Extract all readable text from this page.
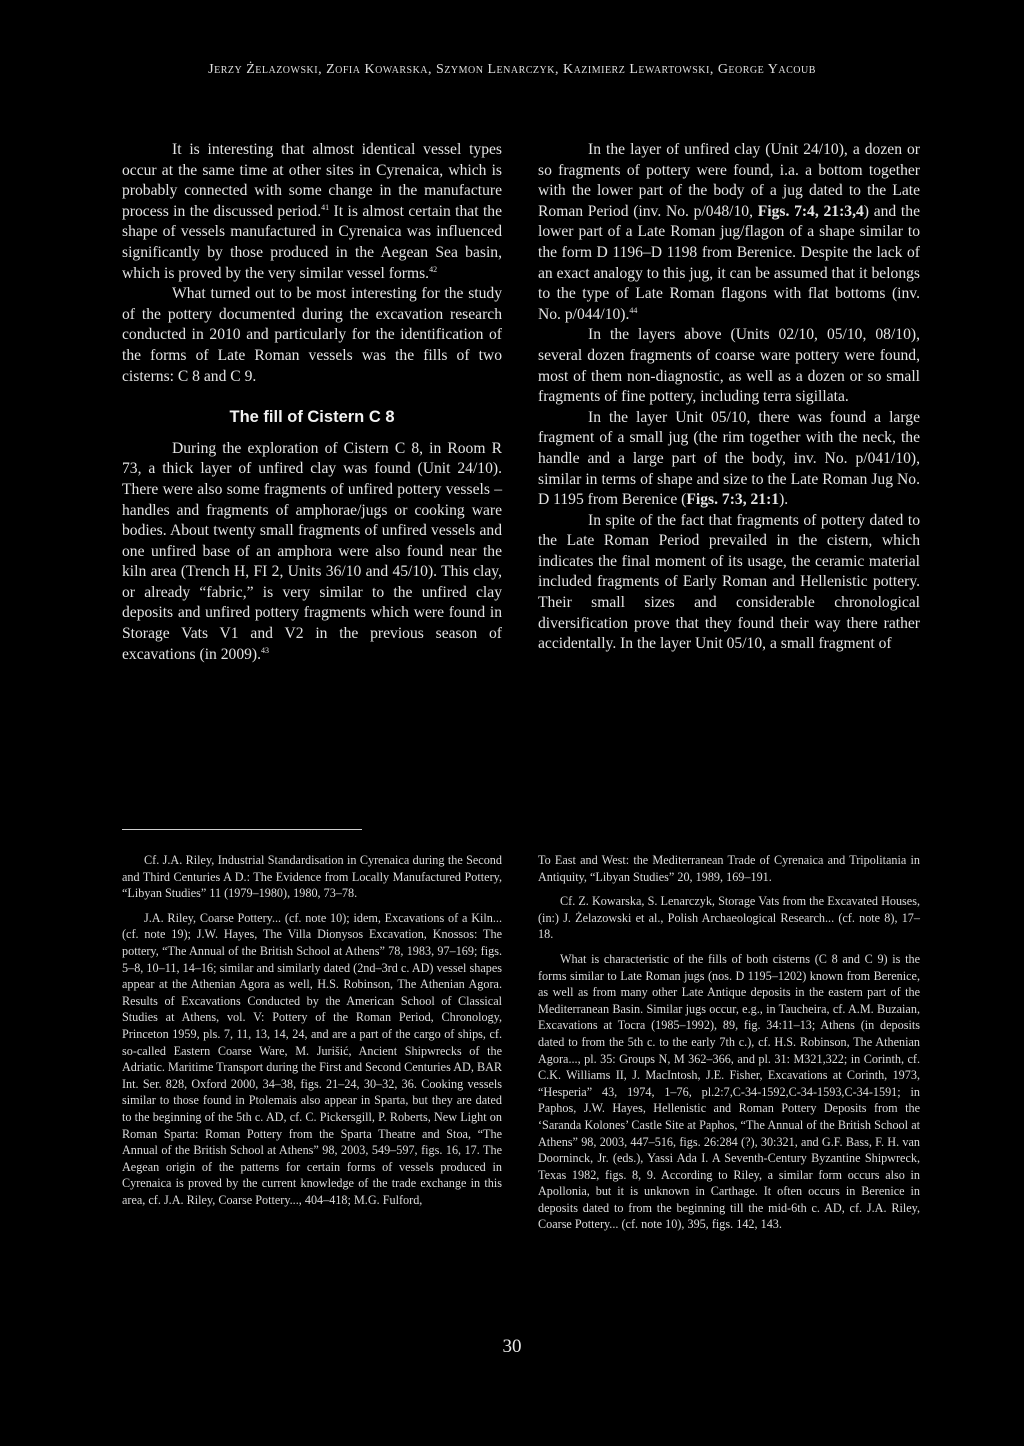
Jerzy Żelazowski, Zofia Kowarska, Szymon Lenarczyk, Kazimierz Lewartowski, George Yacoub

It is interesting that almost identical vessel types occur at the same time at other sites in Cyrenaica, which is probably connected with some change in the manufacture process in the discussed period.$^{41}$ It is almost certain that the shape of vessels manufactured in Cyrenaica was influenced significantly by those produced in the Aegean Sea basin, which is proved by the very similar vessel forms.$^{42}$

What turned out to be most interesting for the study of the pottery documented during the excavation research conducted in 2010 and particularly for the identification of the forms of Late Roman vessels was the fills of two cisterns: C 8 and C 9.

The fill of Cistern C 8

During the exploration of Cistern C 8, in Room R 73, a thick layer of unfired clay was found (Unit 24/10). There were also some fragments of unfired pottery vessels – handles and fragments of amphorae/jugs or cooking ware bodies. About twenty small fragments of unfired vessels and one unfired base of an amphora were also found near the kiln area (Trench H, FI 2, Units 36/10 and 45/10). This clay, or already “fabric,” is very similar to the unfired clay deposits and unfired pottery fragments which were found in Storage Vats V1 and V2 in the previous season of excavations (in 2009).$^{43}$

In the layer of unfired clay (Unit 24/10), a dozen or so fragments of pottery were found, i.a. a bottom together with the lower part of the body of a jug dated to the Late Roman Period (inv. No. p/048/10, Figs. 7:4, 21:3,4) and the lower part of a Late Roman jug/flagon of a shape similar to the form D 1196–D 1198 from Berenice. Despite the lack of an exact analogy to this jug, it can be assumed that it belongs to the type of Late Roman flagons with flat bottoms (inv. No. p/044/10).$^{44}$

In the layers above (Units 02/10, 05/10, 08/10), several dozen fragments of coarse ware pottery were found, most of them non-diagnostic, as well as a dozen or so small fragments of fine pottery, including terra sigillata.

In the layer Unit 05/10, there was found a large fragment of a small jug (the rim together with the neck, the handle and a large part of the body, inv. No. p/041/10), similar in terms of shape and size to the Late Roman Jug No. D 1195 from Berenice (Figs. 7:3, 21:1).

In spite of the fact that fragments of pottery dated to the Late Roman Period prevailed in the cistern, which indicates the final moment of its usage, the ceramic material included fragments of Early Roman and Hellenistic pottery. Their small sizes and considerable chronological diversification prove that they found their way there rather accidentally. In the layer Unit 05/10, a small fragment of

Cf. J.A. Riley, Industrial Standardisation in Cyrenaica during the Second and Third Centuries A D.: The Evidence from Locally Manufactured Pottery, “Libyan Studies” 11 (1979–1980), 1980, 73–78.

J.A. Riley, Coarse Pottery... (cf. note 10); idem, Excavations of a Kiln... (cf. note 19); J.W. Hayes, The Villa Dionysos Excavation, Knossos: The pottery, “The Annual of the British School at Athens” 78, 1983, 97–169; figs. 5–8, 10–11, 14–16; similar and similarly dated (2nd–3rd c. AD) vessel shapes appear at the Athenian Agora as well, H.S. Robinson, The Athenian Agora. Results of Excavations Conducted by the American School of Classical Studies at Athens, vol. V: Pottery of the Roman Period, Chronology, Princeton 1959, pls. 7, 11, 13, 14, 24, and are a part of the cargo of ships, cf. so-called Eastern Coarse Ware, M. Jurišić, Ancient Shipwrecks of the Adriatic. Maritime Transport during the First and Second Centuries AD, BAR Int. Ser. 828, Oxford 2000, 34–38, figs. 21–24, 30–32, 36. Cooking vessels similar to those found in Ptolemais also appear in Sparta, but they are dated to the beginning of the 5th c. AD, cf. C. Pickersgill, P. Roberts, New Light on Roman Sparta: Roman Pottery from the Sparta Theatre and Stoa, “The Annual of the British School at Athens” 98, 2003, 549–597, figs. 16, 17. The Aegean origin of the patterns for certain forms of vessels produced in Cyrenaica is proved by the current knowledge of the trade exchange in this area, cf. J.A. Riley, Coarse Pottery..., 404–418; M.G. Fulford,

To East and West: the Mediterranean Trade of Cyrenaica and Tripolitania in Antiquity, “Libyan Studies” 20, 1989, 169–191.

Cf. Z. Kowarska, S. Lenarczyk, Storage Vats from the Excavated Houses, (in:) J. Żelazowski et al., Polish Archaeological Research... (cf. note 8), 17–18.

What is characteristic of the fills of both cisterns (C 8 and C 9) is the forms similar to Late Roman jugs (nos. D 1195–1202) known from Berenice, as well as from many other Late Antique deposits in the eastern part of the Mediterranean Basin. Similar jugs occur, e.g., in Taucheira, cf. A.M. Buzaian, Excavations at Tocra (1985–1992), 89, fig. 34:11–13; Athens (in deposits dated to from the 5th c. to the early 7th c.), cf. H.S. Robinson, The Athenian Agora..., pl. 35: Groups N, M 362–366, and pl. 31: M321,322; in Corinth, cf. C.K. Williams II, J. MacIntosh, J.E. Fisher, Excavations at Corinth, 1973, “Hesperia” 43, 1974, 1–76, pl.2:7,C-34-1592,C-34-1593,C-34-1591; in Paphos, J.W. Hayes, Hellenistic and Roman Pottery Deposits from the ‘Saranda Kolones’ Castle Site at Paphos, “The Annual of the British School at Athens” 98, 2003, 447–516, figs. 26:284 (?), 30:321, and G.F. Bass, F. H. van Doorninck, Jr. (eds.), Yassi Ada I. A Seventh-Century Byzantine Shipwreck, Texas 1982, figs. 8, 9. According to Riley, a similar form occurs also in Apollonia, but it is unknown in Carthage. It often occurs in Berenice in deposits dated to from the beginning till the mid-6th c. AD, cf. J.A. Riley, Coarse Pottery... (cf. note 10), 395, figs. 142, 143.

30
